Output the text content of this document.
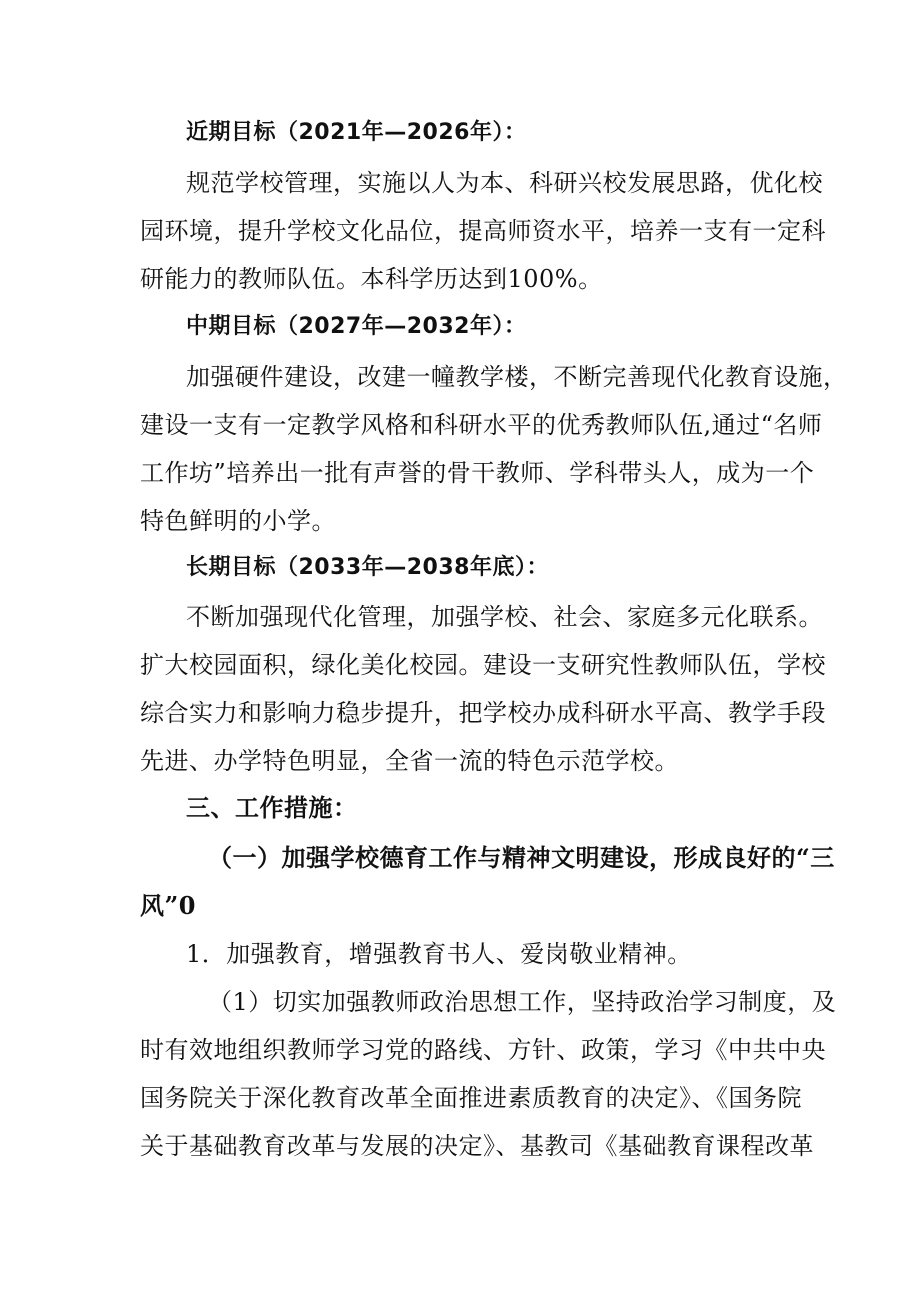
近期目标（2021年—2026年）：

规范学校管理，实施以人为本、科研兴校发展思路，优化校

园环境，提升学校文化品位，提高师资水平，培养一支有一定科

研能力的教师队伍。本科学历达到100%。

中期目标（2027年—2032年）：

加强硬件建设，改建一幢教学楼，不断完善现代化教育设施，

建设一支有一定教学风格和科研水平的优秀教师队伍,通过“名师

工作坊”培养出一批有声誉的骨干教师、学科带头人，成为一个

特色鲜明的小学。

长期目标（2033年—2038年底）：

不断加强现代化管理，加强学校、社会、家庭多元化联系。

扩大校园面积，绿化美化校园。建设一支研究性教师队伍，学校

综合实力和影响力稳步提升，把学校办成科研水平高、教学手段

先进、办学特色明显，全省一流的特色示范学校。

三、工作措施：

（一）加强学校德育工作与精神文明建设，形成良好的“三

风”0

1．加强教育，增强教育书人、爱岗敬业精神。

（1）切实加强教师政治思想工作，坚持政治学习制度，及

时有效地组织教师学习党的路线、方针、政策，学习《中共中央

国务院关于深化教育改革全面推进素质教育的决定》、《国务院

关于基础教育改革与发展的决定》、基教司《基础教育课程改革
